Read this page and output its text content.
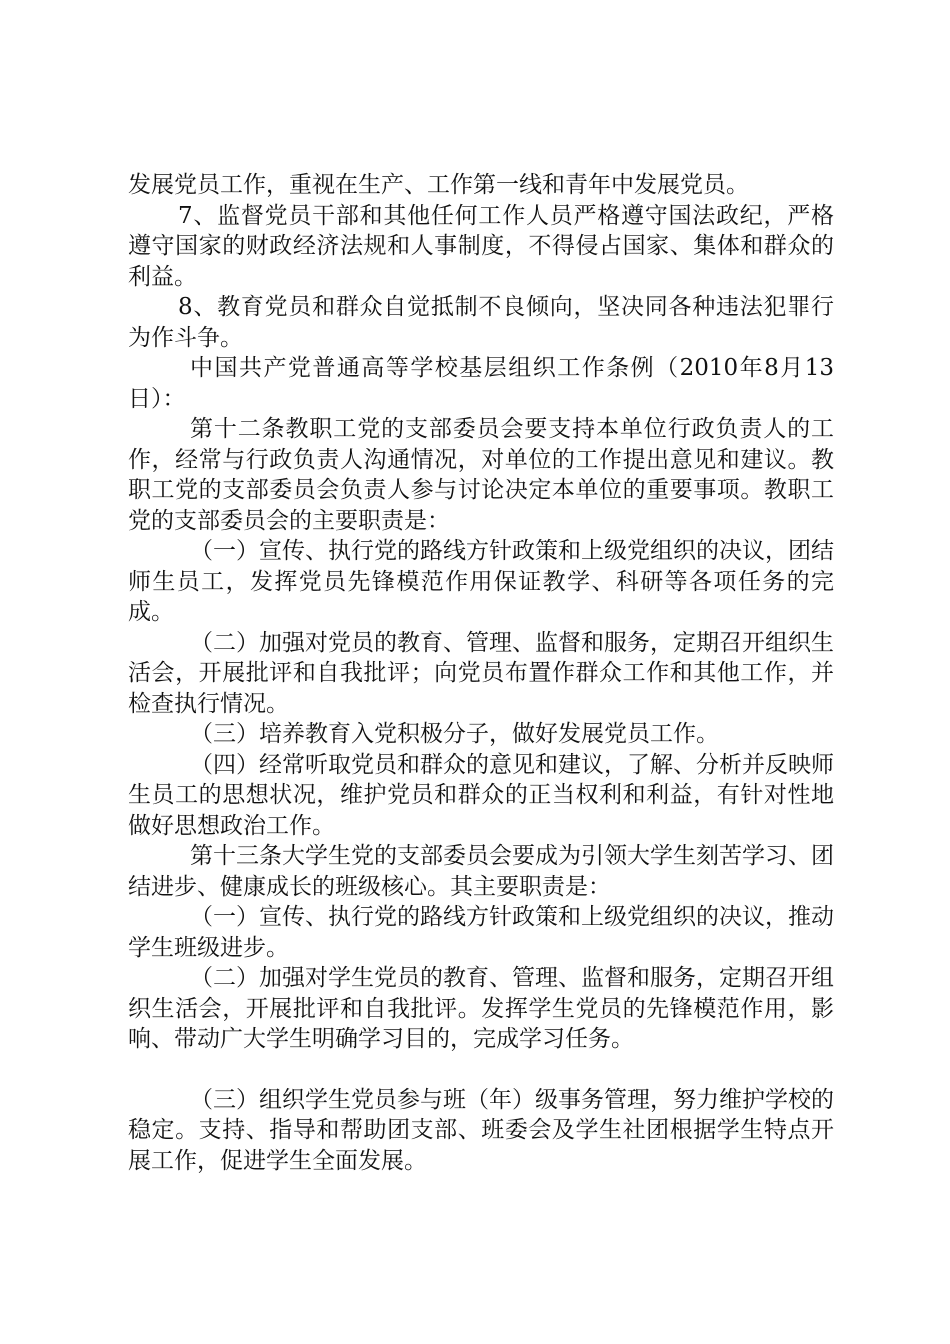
发展党员工作，重视在生产、工作第一线和青年中发展党员。

7、监督党员干部和其他任何工作人员严格遵守国法政纪，严格遵守国家的财政经济法规和人事制度，不得侵占国家、集体和群众的利益。

8、教育党员和群众自觉抵制不良倾向，坚决同各种违法犯罪行为作斗争。

中国共产党普通高等学校基层组织工作条例（2010年8月13日）：

第十二条教职工党的支部委员会要支持本单位行政负责人的工作，经常与行政负责人沟通情况，对单位的工作提出意见和建议。教职工党的支部委员会负责人参与讨论决定本单位的重要事项。教职工党的支部委员会的主要职责是：

（一）宣传、执行党的路线方针政策和上级党组织的决议，团结师生员工，发挥党员先锋模范作用保证教学、科研等各项任务的完成。

（二）加强对党员的教育、管理、监督和服务，定期召开组织生活会，开展批评和自我批评；向党员布置作群众工作和其他工作，并检查执行情况。

（三）培养教育入党积极分子，做好发展党员工作。

（四）经常听取党员和群众的意见和建议，了解、分析并反映师生员工的思想状况，维护党员和群众的正当权利和利益，有针对性地做好思想政治工作。

第十三条大学生党的支部委员会要成为引领大学生刻苦学习、团结进步、健康成长的班级核心。其主要职责是：

（一）宣传、执行党的路线方针政策和上级党组织的决议，推动学生班级进步。

（二）加强对学生党员的教育、管理、监督和服务，定期召开组织生活会，开展批评和自我批评。发挥学生党员的先锋模范作用，影响、带动广大学生明确学习目的，完成学习任务。

（三）组织学生党员参与班（年）级事务管理，努力维护学校的稳定。支持、指导和帮助团支部、班委会及学生社团根据学生特点开展工作，促进学生全面发展。
